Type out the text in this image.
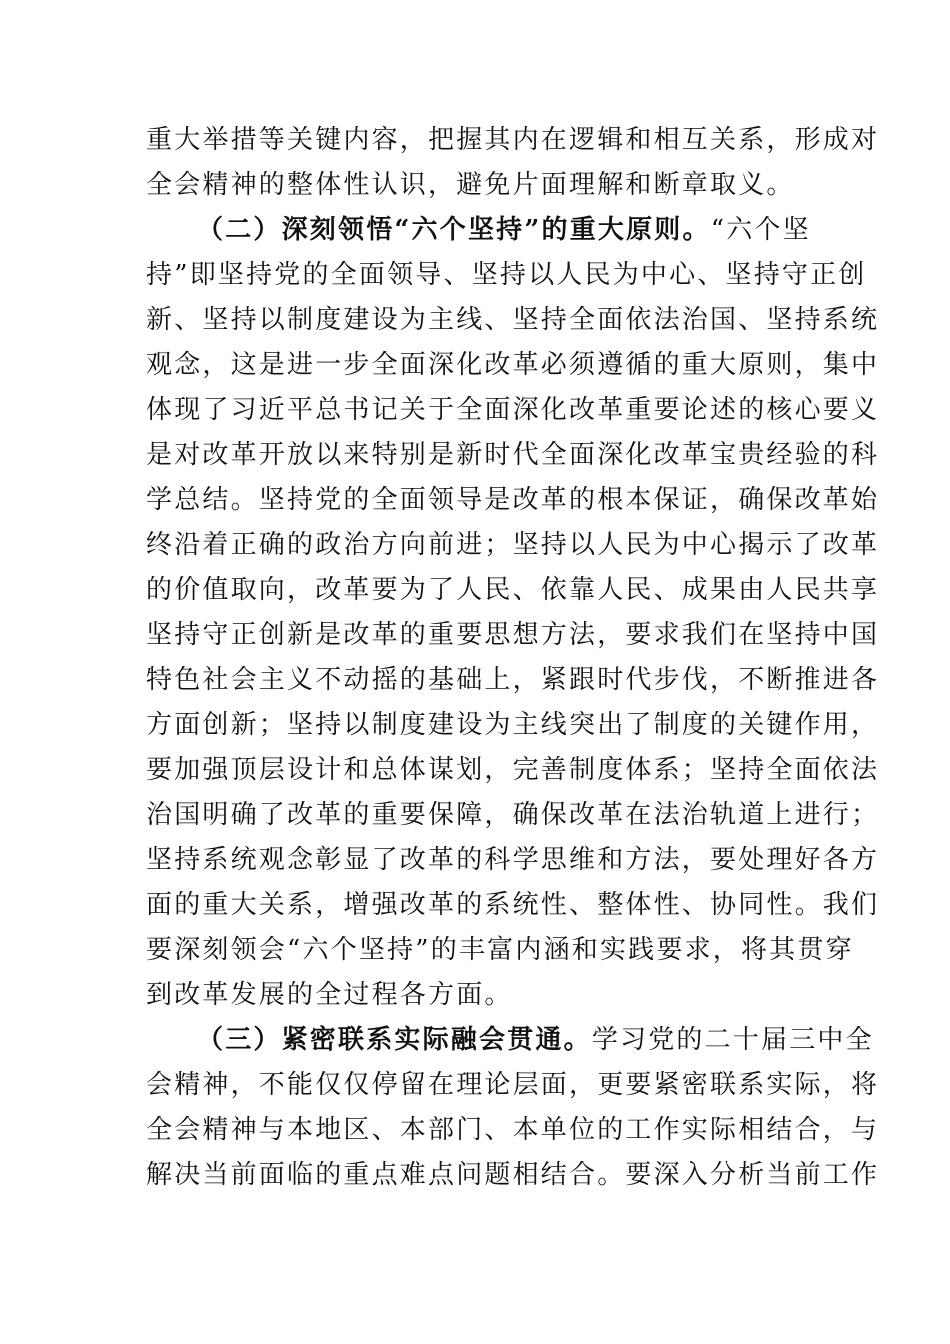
重大举措等关键内容，把握其内在逻辑和相互关系，形成对
全会精神的整体性认识，避免片面理解和断章取义。
（二）深刻领悟“六个坚持”的重大原则。“六个坚
持”即坚持党的全面领导、坚持以人民为中心、坚持守正创
新、坚持以制度建设为主线、坚持全面依法治国、坚持系统
观念，这是进一步全面深化改革必须遵循的重大原则，集中
体现了习近平总书记关于全面深化改革重要论述的核心要义
是对改革开放以来特别是新时代全面深化改革宝贵经验的科
学总结。坚持党的全面领导是改革的根本保证，确保改革始
终沿着正确的政治方向前进；坚持以人民为中心揭示了改革
的价值取向，改革要为了人民、依靠人民、成果由人民共享
坚持守正创新是改革的重要思想方法，要求我们在坚持中国
特色社会主义不动摇的基础上，紧跟时代步伐，不断推进各
方面创新；坚持以制度建设为主线突出了制度的关键作用，
要加强顶层设计和总体谋划，完善制度体系；坚持全面依法
治国明确了改革的重要保障，确保改革在法治轨道上进行；
坚持系统观念彰显了改革的科学思维和方法，要处理好各方
面的重大关系，增强改革的系统性、整体性、协同性。我们
要深刻领会“六个坚持”的丰富内涵和实践要求，将其贯穿
到改革发展的全过程各方面。
（三）紧密联系实际融会贯通。学习党的二十届三中全
会精神，不能仅仅停留在理论层面，更要紧密联系实际，将
全会精神与本地区、本部门、本单位的工作实际相结合，与
解决当前面临的重点难点问题相结合。要深入分析当前工作
